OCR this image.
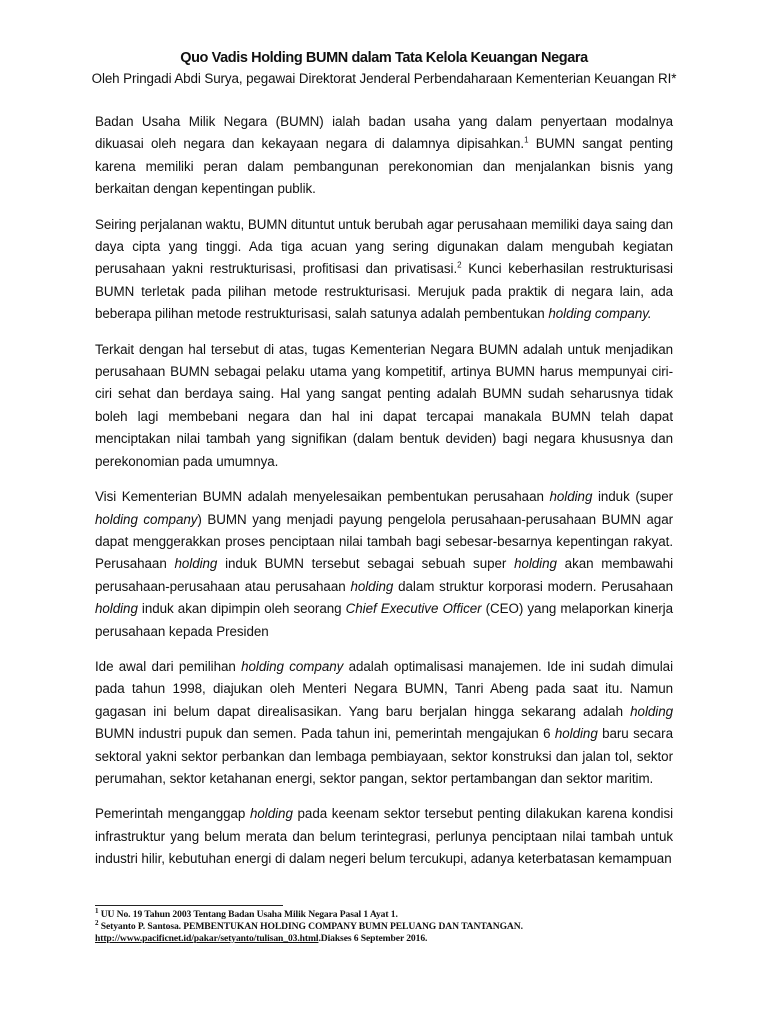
Quo Vadis Holding BUMN dalam Tata Kelola Keuangan Negara

Oleh Pringadi Abdi Surya, pegawai Direktorat Jenderal Perbendaharaan Kementerian Keuangan RI*

Badan Usaha Milik Negara (BUMN) ialah badan usaha yang dalam penyertaan modalnya dikuasai oleh negara dan kekayaan negara di dalamnya dipisahkan.$^1$ BUMN sangat penting karena memiliki peran dalam pembangunan perekonomian dan menjalankan bisnis yang berkaitan dengan kepentingan publik.

Seiring perjalanan waktu, BUMN dituntut untuk berubah agar perusahaan memiliki daya saing dan daya cipta yang tinggi. Ada tiga acuan yang sering digunakan dalam mengubah kegiatan perusahaan yakni restrukturisasi, profitisasi dan privatisasi.$^2$ Kunci keberhasilan restrukturisasi BUMN terletak pada pilihan metode restrukturisasi. Merujuk pada praktik di negara lain, ada beberapa pilihan metode restrukturisasi, salah satunya adalah pembentukan holding company.

Terkait dengan hal tersebut di atas, tugas Kementerian Negara BUMN adalah untuk menjadikan perusahaan BUMN sebagai pelaku utama yang kompetitif, artinya BUMN harus mempunyai ciri-ciri sehat dan berdaya saing. Hal yang sangat penting adalah BUMN sudah seharusnya tidak boleh lagi membebani negara dan hal ini dapat tercapai manakala BUMN telah dapat menciptakan nilai tambah yang signifikan (dalam bentuk deviden) bagi negara khususnya dan perekonomian pada umumnya.

Visi Kementerian BUMN adalah menyelesaikan pembentukan perusahaan holding induk (super holding company) BUMN yang menjadi payung pengelola perusahaan-perusahaan BUMN agar dapat menggerakkan proses penciptaan nilai tambah bagi sebesar-besarnya kepentingan rakyat. Perusahaan holding induk BUMN tersebut sebagai sebuah super holding akan membawahi perusahaan-perusahaan atau perusahaan holding dalam struktur korporasi modern. Perusahaan holding induk akan dipimpin oleh seorang Chief Executive Officer (CEO) yang melaporkan kinerja perusahaan kepada Presiden

Ide awal dari pemilihan holding company adalah optimalisasi manajemen. Ide ini sudah dimulai pada tahun 1998, diajukan oleh Menteri Negara BUMN, Tanri Abeng pada saat itu. Namun gagasan ini belum dapat direalisasikan. Yang baru berjalan hingga sekarang adalah holding BUMN industri pupuk dan semen. Pada tahun ini, pemerintah mengajukan 6 holding baru secara sektoral yakni sektor perbankan dan lembaga pembiayaan, sektor konstruksi dan jalan tol, sektor perumahan, sektor ketahanan energi, sektor pangan, sektor pertambangan dan sektor maritim.

Pemerintah menganggap holding pada keenam sektor tersebut penting dilakukan karena kondisi infrastruktur yang belum merata dan belum terintegrasi, perlunya penciptaan nilai tambah untuk industri hilir, kebutuhan energi di dalam negeri belum tercukupi, adanya keterbatasan kemampuan

$^1$ UU No. 19 Tahun 2003 Tentang Badan Usaha Milik Negara Pasal 1 Ayat 1.

$^2$ Setyanto P. Santosa. PEMBENTUKAN HOLDING COMPANY BUMN PELUANG DAN TANTANGAN.
http://www.pacificnet.id/pakar/setyanto/tulisan_03.html.Diakses 6 September 2016.
